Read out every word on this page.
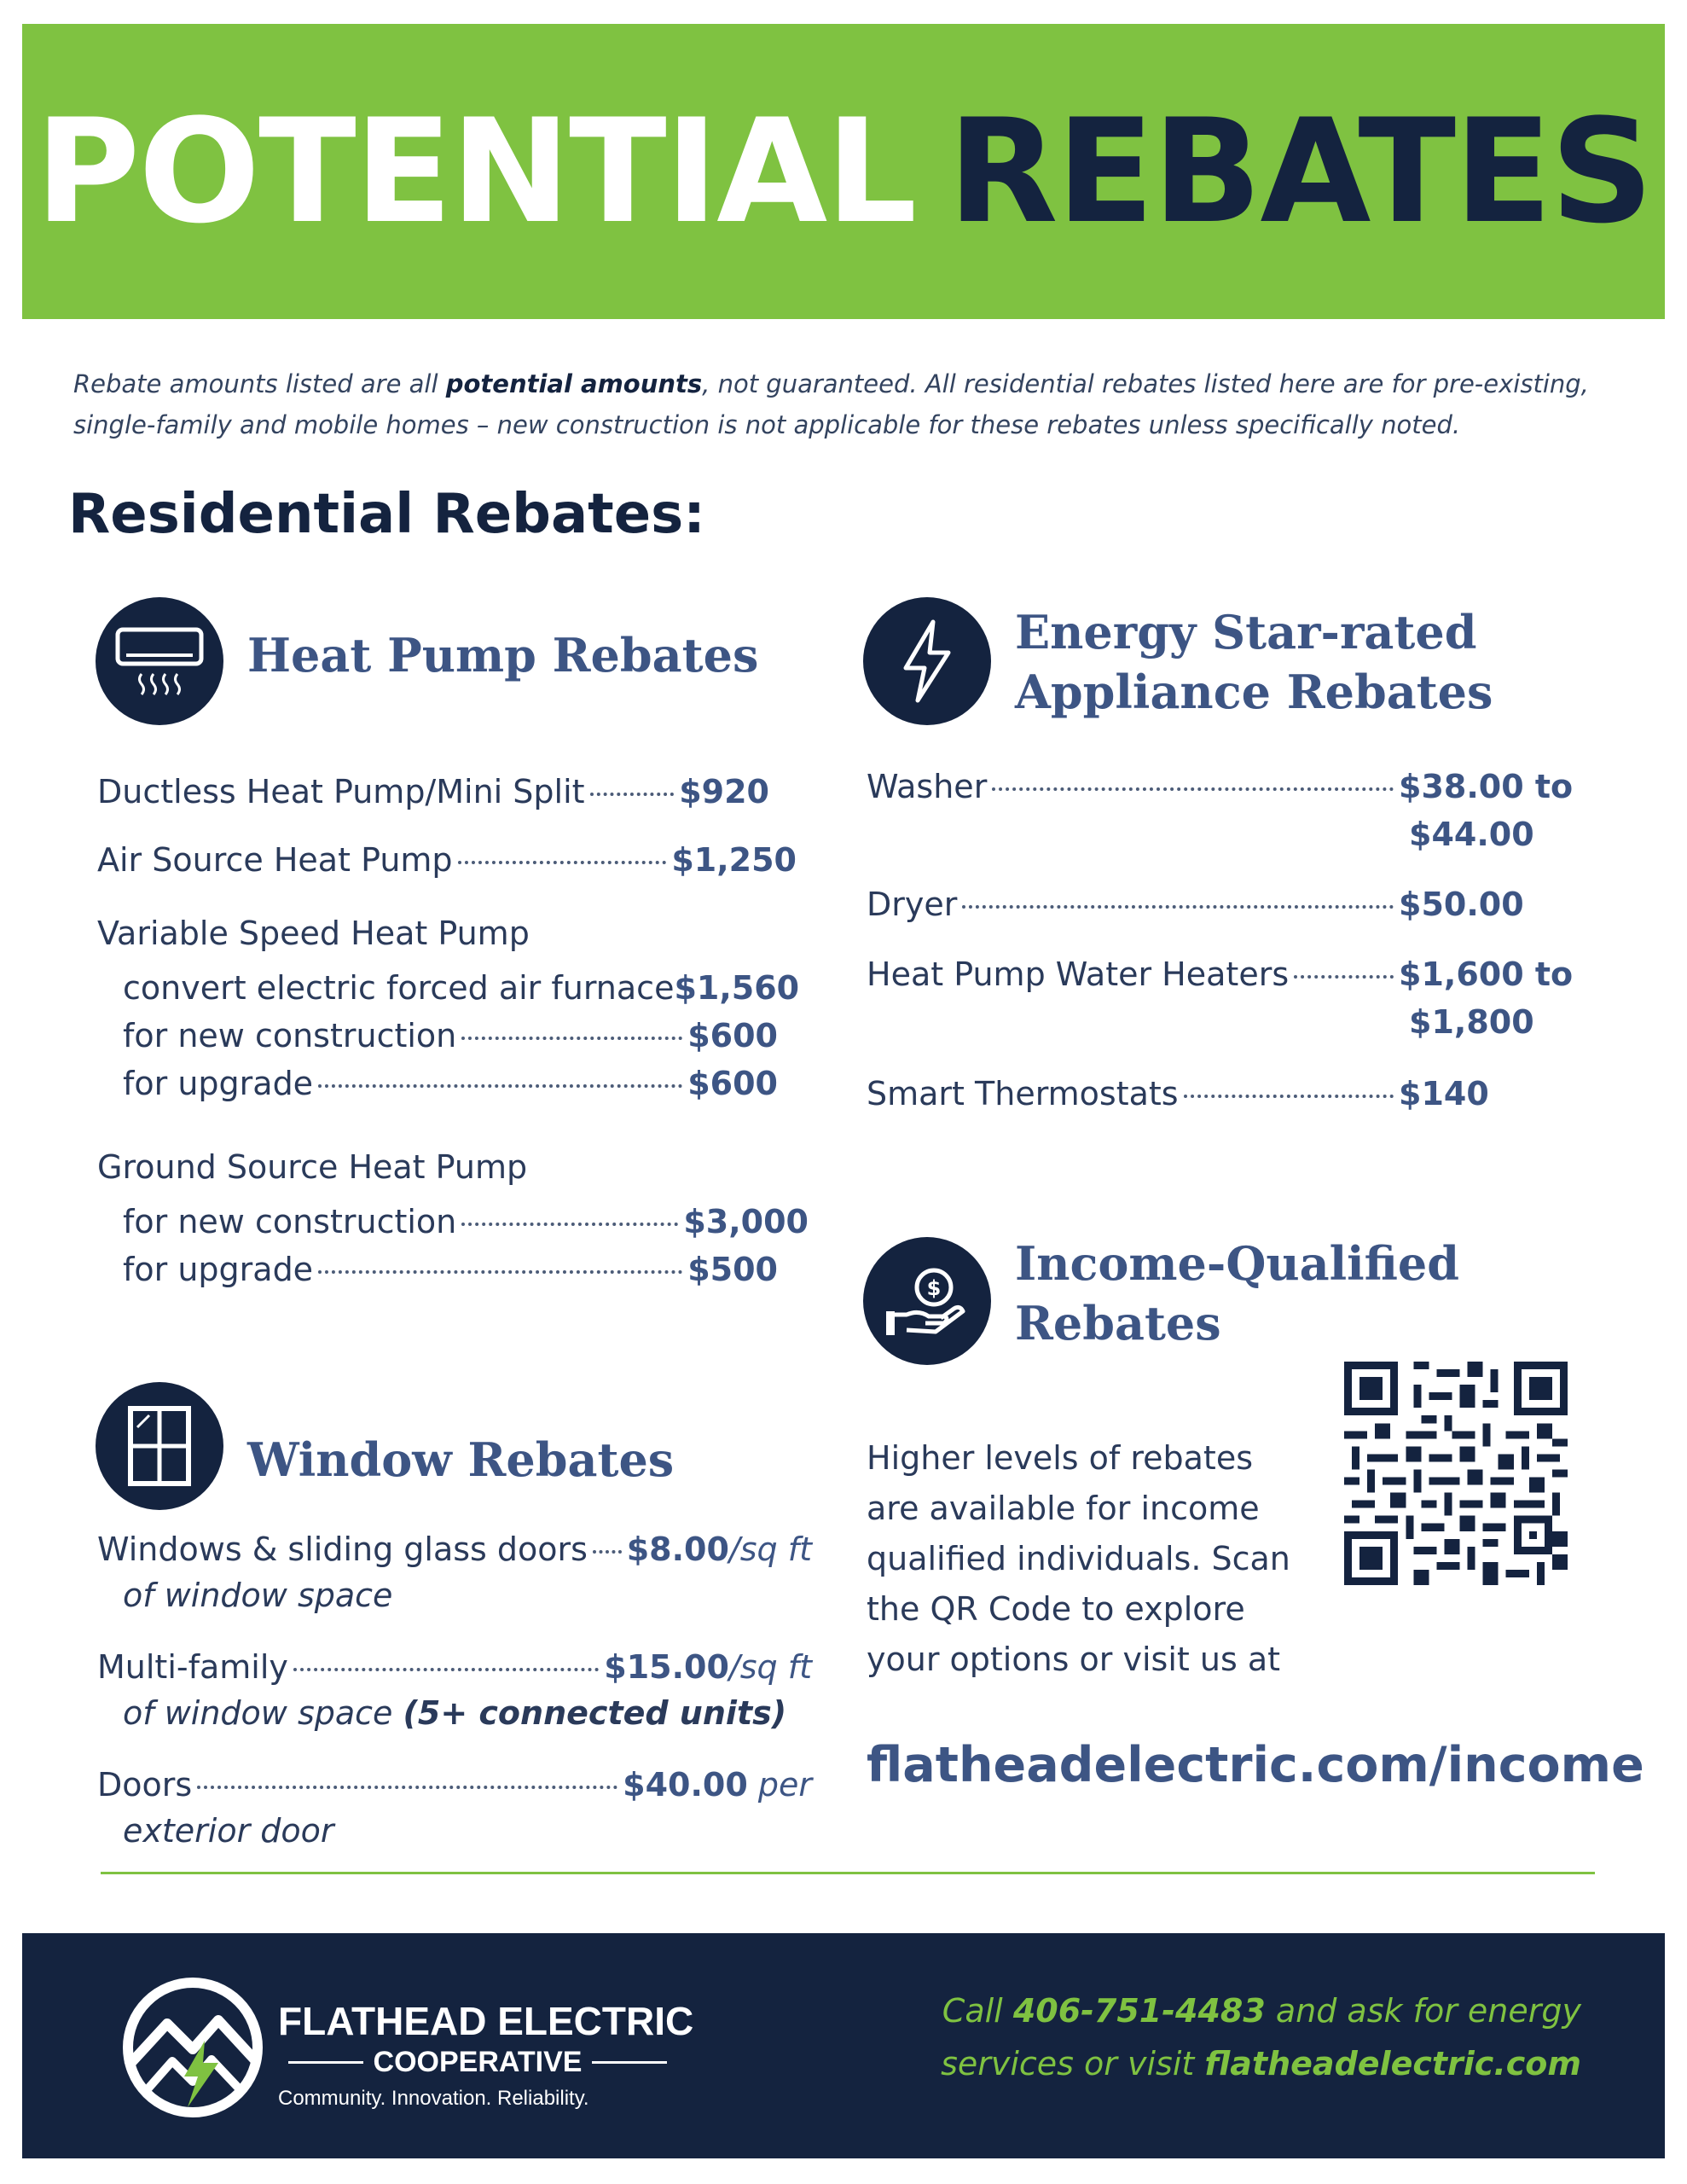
POTENTIAL REBATES
Rebate amounts listed are all potential amounts, not guaranteed. All residential rebates listed here are for pre-existing, single-family and mobile homes – new construction is not applicable for these rebates unless specifically noted.
Residential Rebates:
Heat Pump Rebates
Ductless Heat Pump/Mini Split	$920
Air Source Heat Pump	$1,250
Variable Speed Heat Pump
convert electric forced air furnace $1,560
for new construction	$600
for upgrade	$600
Ground Source Heat Pump
for new construction	$3,000
for upgrade	$500
Window Rebates
Windows & sliding glass doors $8.00/sq ft
of window space
Multi-family	$15.00/sq ft
of window space (5+ connected units)
Doors	$40.00 per
exterior door
Energy Star-rated
Appliance Rebates
Washer	$38.00 to
$44.00
Dryer	$50.00
Heat Pump Water Heaters	$1,600 to
$1,800
Smart Thermostats	$140
$ Income-Qualified
Rebates
Higher levels of rebates are available for income qualified individuals. Scan the QR Code to explore your options or visit us at
flatheadelectric.com/income
FLATHEAD ELECTRIC
COOPERATIVE
Community. Innovation. Reliability.
Call 406-751-4483 and ask for energy
services or visit flatheadelectric.com
